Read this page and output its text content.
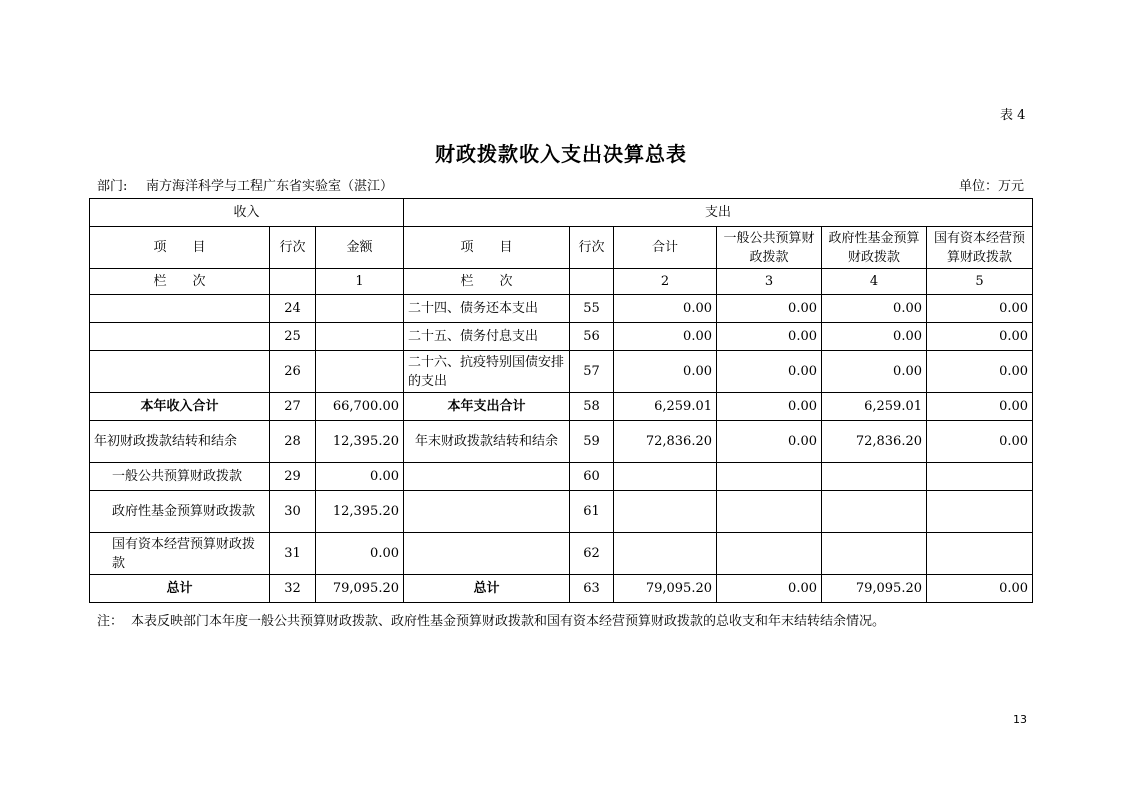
表 4
财政拨款收入支出决算总表
部门: 南方海洋科学与工程广东省实验室（湛江）	单位：万元
收入			支出					
项　　目	行次	金额	项　　目	行次	合计	一般公共预算财政拨款	政府性基金预算财政拨款	国有资本经营预算财政拨款
栏　　次		1	栏　　次		2	3	4	5
	24		二十四、债务还本支出	55	0.00	0.00	0.00	0.00
	25		二十五、债务付息支出	56	0.00	0.00	0.00	0.00
	26		二十六、抗疫特别国债安排的支出	57	0.00	0.00	0.00	0.00
本年收入合计	27	66,700.00	本年支出合计	58	6,259.01	0.00	6,259.01	0.00
年初财政拨款结转和结余	28	12,395.20	年末财政拨款结转和结余	59	72,836.20	0.00	72,836.20	0.00
一般公共预算财政拨款	29	0.00		60				
政府性基金预算财政拨款	30	12,395.20		61				
国有资本经营预算财政拨款	31	0.00		62				
总计	32	79,095.20	总计	63	79,095.20	0.00	79,095.20	0.00
注： 本表反映部门本年度一般公共预算财政拨款、政府性基金预算财政拨款和国有资本经营预算财政拨款的总收支和年末结转结余情况。
13
